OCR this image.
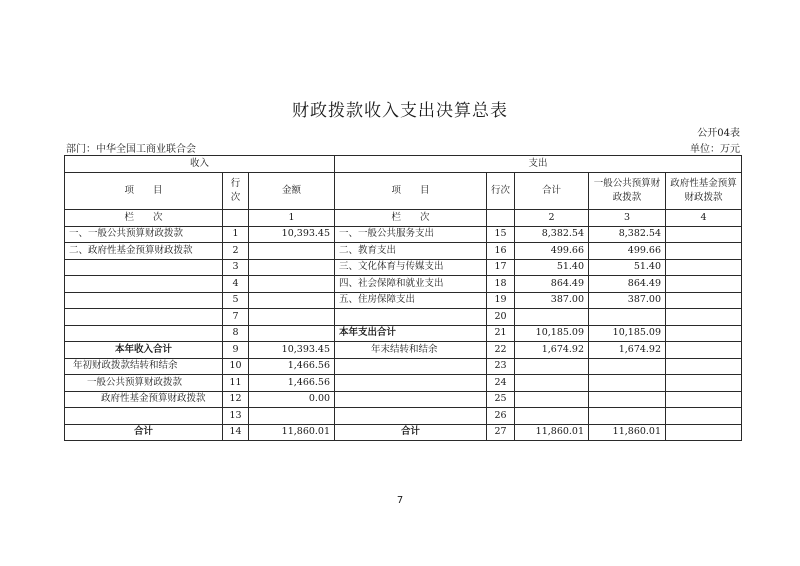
财政拨款收入支出决算总表
公开04表
部门：中华全国工商业联合会	单位：万元
收入			支出				
项　　目	行次	金额	项　　目	行次	合计	一般公共预算财政拨款	政府性基金预算财政拨款
栏　　次		1	栏　　次		2	3	4
一、一般公共预算财政拨款	1	10,393.45	一、一般公共服务支出	15	8,382.54	8,382.54	
二、政府性基金预算财政拨款	2		二、教育支出	16	499.66	499.66	
	3		三、文化体育与传媒支出	17	51.40	51.40	
	4		四、社会保障和就业支出	18	864.49	864.49	
	5		五、住房保障支出	19	387.00	387.00	
	7			20			
	8		本年支出合计	21	10,185.09	10,185.09	
本年收入合计	9	10,393.45	年末结转和结余	22	1,674.92	1,674.92	
年初财政拨款结转和结余	10	1,466.56		23			
一般公共预算财政拨款	11	1,466.56		24			
政府性基金预算财政拨款	12	0.00		25			
	13			26			
合计	14	11,860.01	合计	27	11,860.01	11,860.01	
7
